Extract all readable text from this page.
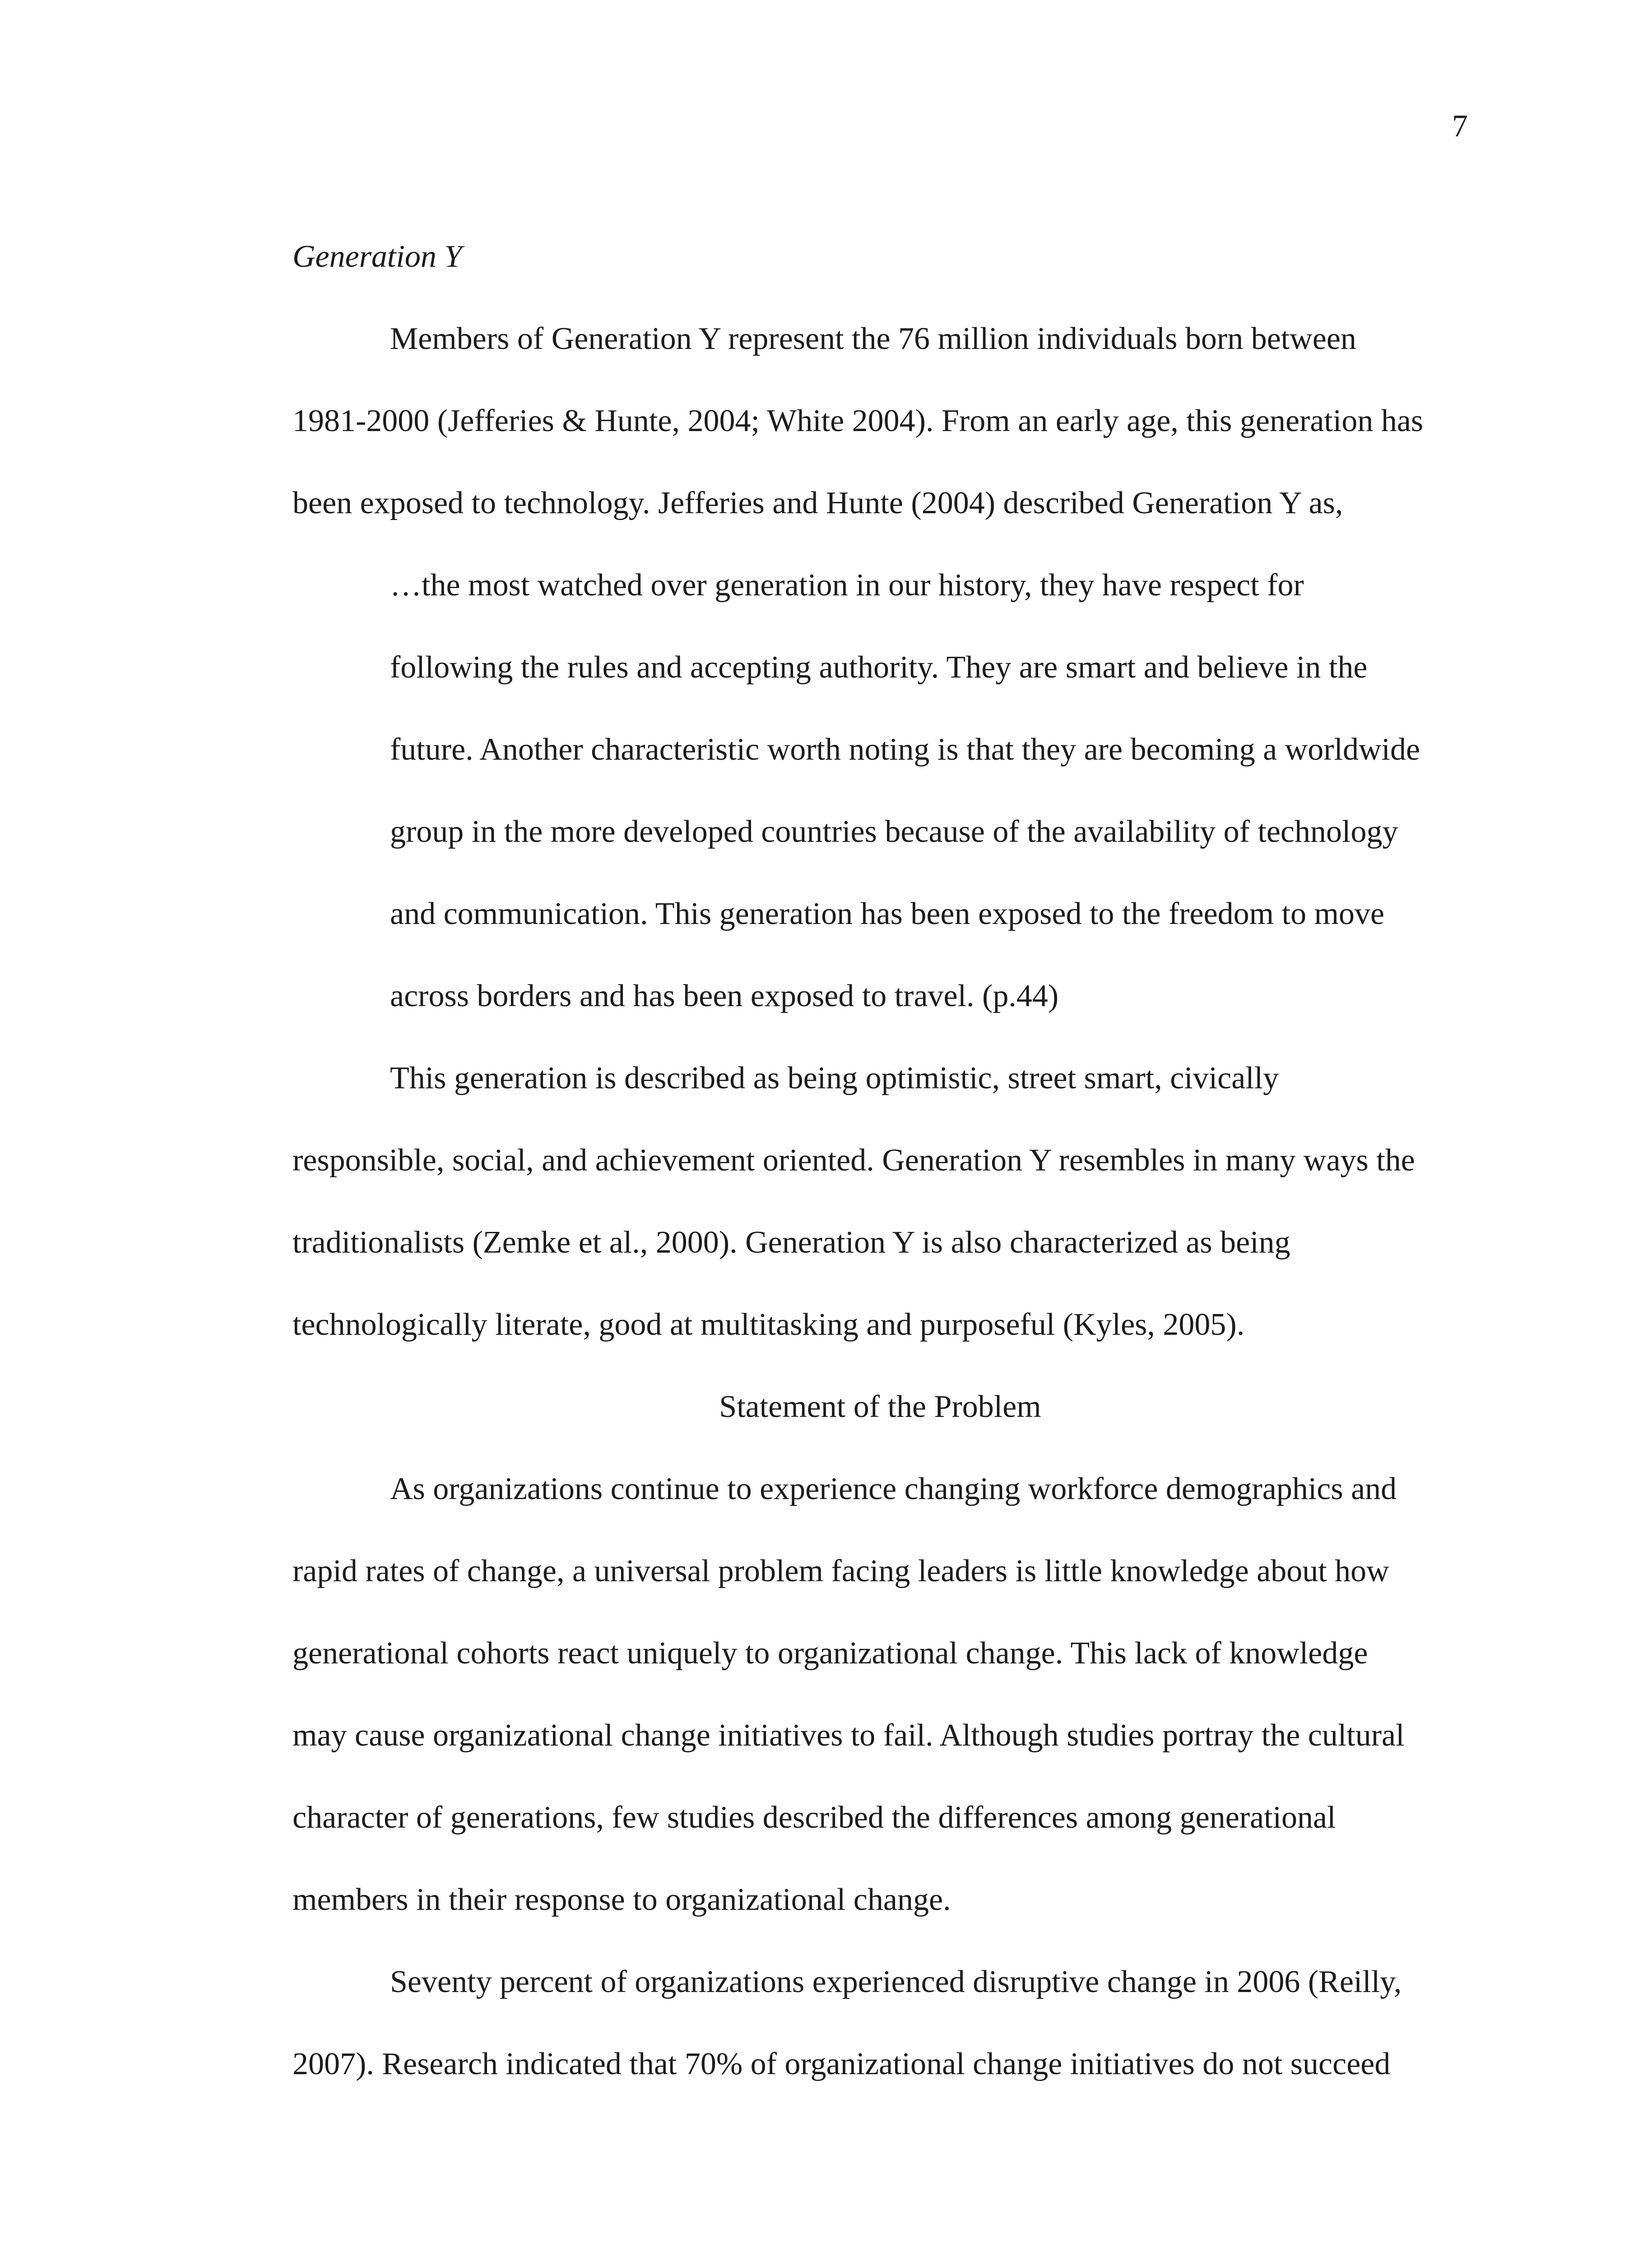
7

Generation Y

Members of Generation Y represent the 76 million individuals born between

1981-2000 (Jefferies & Hunte, 2004; White 2004). From an early age, this generation has

been exposed to technology. Jefferies and Hunte (2004) described Generation Y as,

…the most watched over generation in our history, they have respect for

following the rules and accepting authority. They are smart and believe in the

future. Another characteristic worth noting is that they are becoming a worldwide

group in the more developed countries because of the availability of technology

and communication. This generation has been exposed to the freedom to move

across borders and has been exposed to travel. (p.44)

This generation is described as being optimistic, street smart, civically

responsible, social, and achievement oriented. Generation Y resembles in many ways the

traditionalists (Zemke et al., 2000). Generation Y is also characterized as being

technologically literate, good at multitasking and purposeful (Kyles, 2005).

Statement of the Problem

As organizations continue to experience changing workforce demographics and

rapid rates of change, a universal problem facing leaders is little knowledge about how

generational cohorts react uniquely to organizational change. This lack of knowledge

may cause organizational change initiatives to fail. Although studies portray the cultural

character of generations, few studies described the differences among generational

members in their response to organizational change.

Seventy percent of organizations experienced disruptive change in 2006 (Reilly,

2007). Research indicated that 70% of organizational change initiatives do not succeed
